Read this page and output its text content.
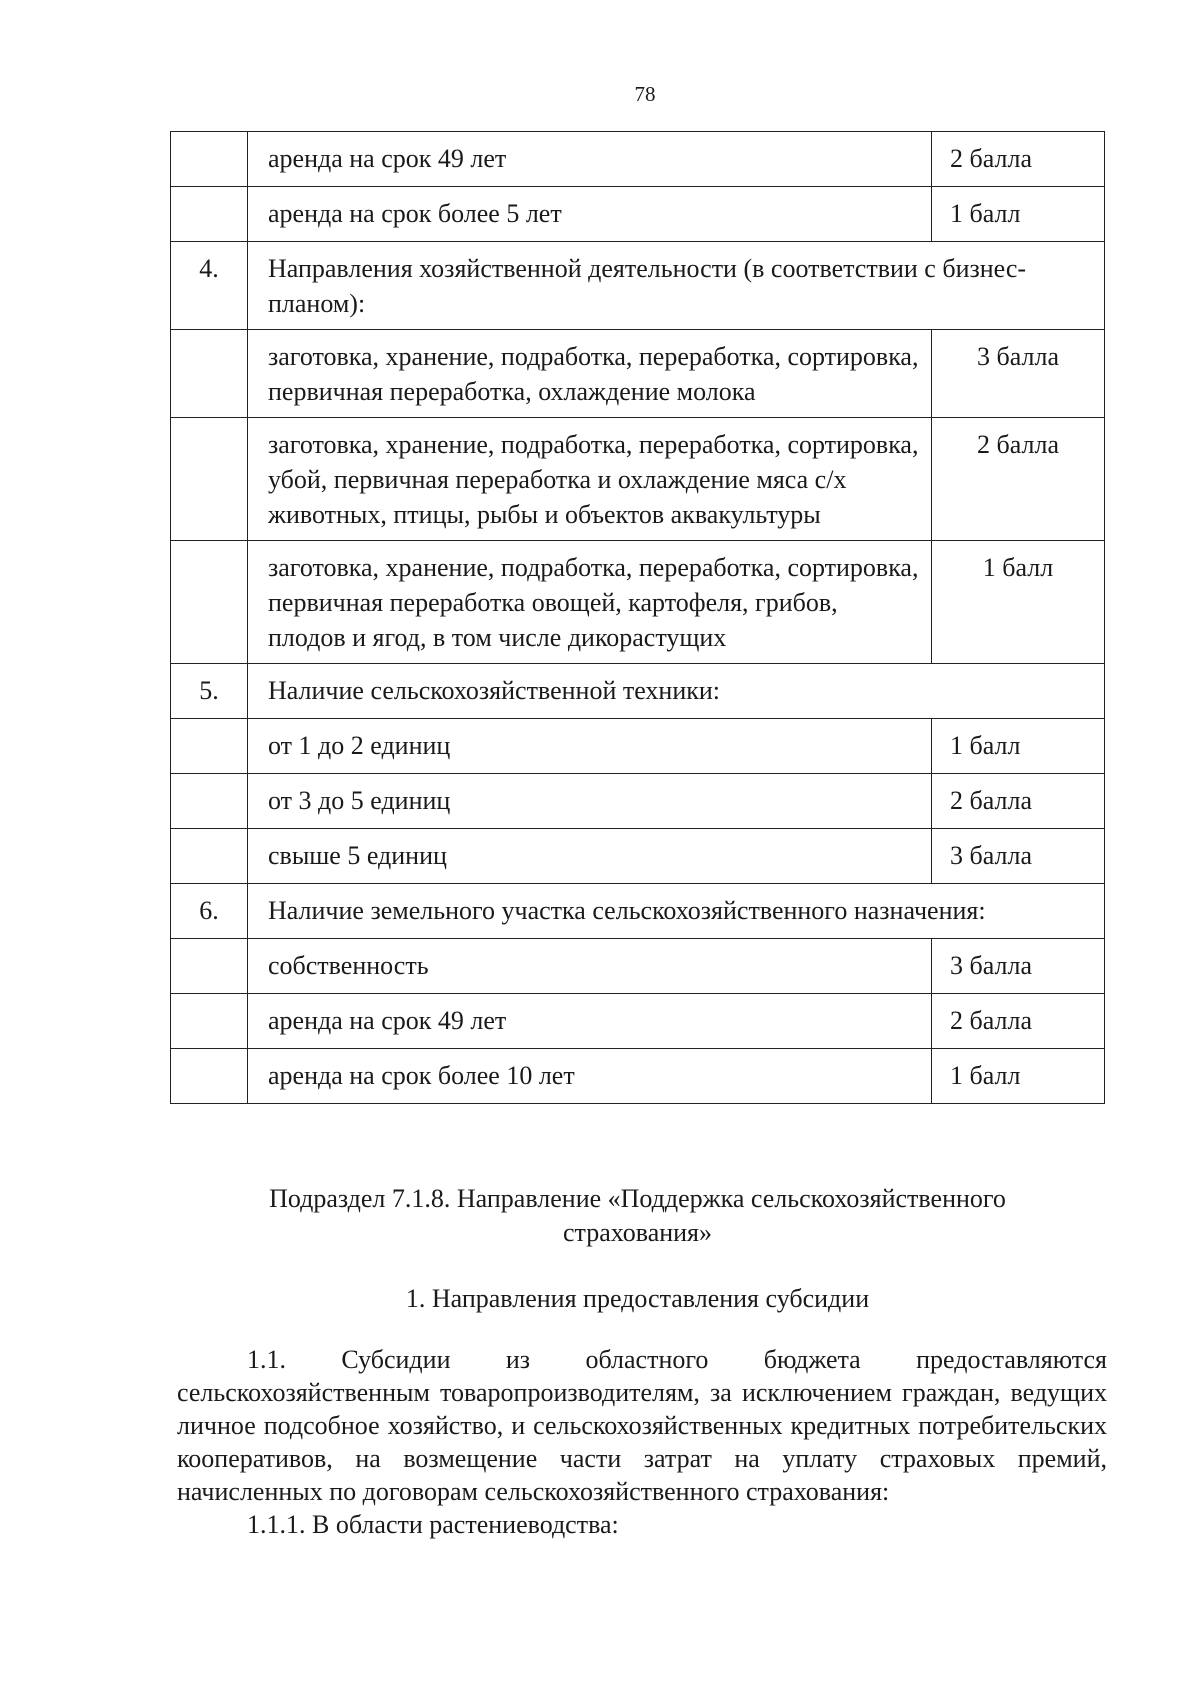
78
	аренда на срок 49 лет	2 балла
	аренда на срок более 5 лет	1 балл
4.	Направления хозяйственной деятельности (в соответствии с бизнес-планом):	
	заготовка, хранение, подработка, переработка, сортировка, первичная переработка, охлаждение молока	3 балла
	заготовка, хранение, подработка, переработка, сортировка, убой, первичная переработка и охлаждение мяса с/х животных, птицы, рыбы и объектов аквакультуры	2 балла
	заготовка, хранение, подработка, переработка, сортировка, первичная переработка овощей, картофеля, грибов, плодов и ягод, в том числе дикорастущих	1 балл
5.	Наличие сельскохозяйственной техники:	
	от 1 до 2 единиц	1 балл
	от 3 до 5 единиц	2 балла
	свыше 5 единиц	3 балла
6.	Наличие земельного участка сельскохозяйственного назначения:	
	собственность	3 балла
	аренда на срок 49 лет	2 балла
	аренда на срок более 10 лет	1 балл
Подраздел 7.1.8. Направление «Поддержка сельскохозяйственного
страхования»
1. Направления предоставления субсидии

1.1. Субсидии из областного бюджета предоставляются сельскохозяйственным товаропроизводителям, за исключением граждан, ведущих личное подсобное хозяйство, и сельскохозяйственных кредитных потребительских кооперативов, на возмещение части затрат на уплату страховых премий, начисленных по договорам сельскохозяйственного страхования:

1.1.1. В области растениеводства:
